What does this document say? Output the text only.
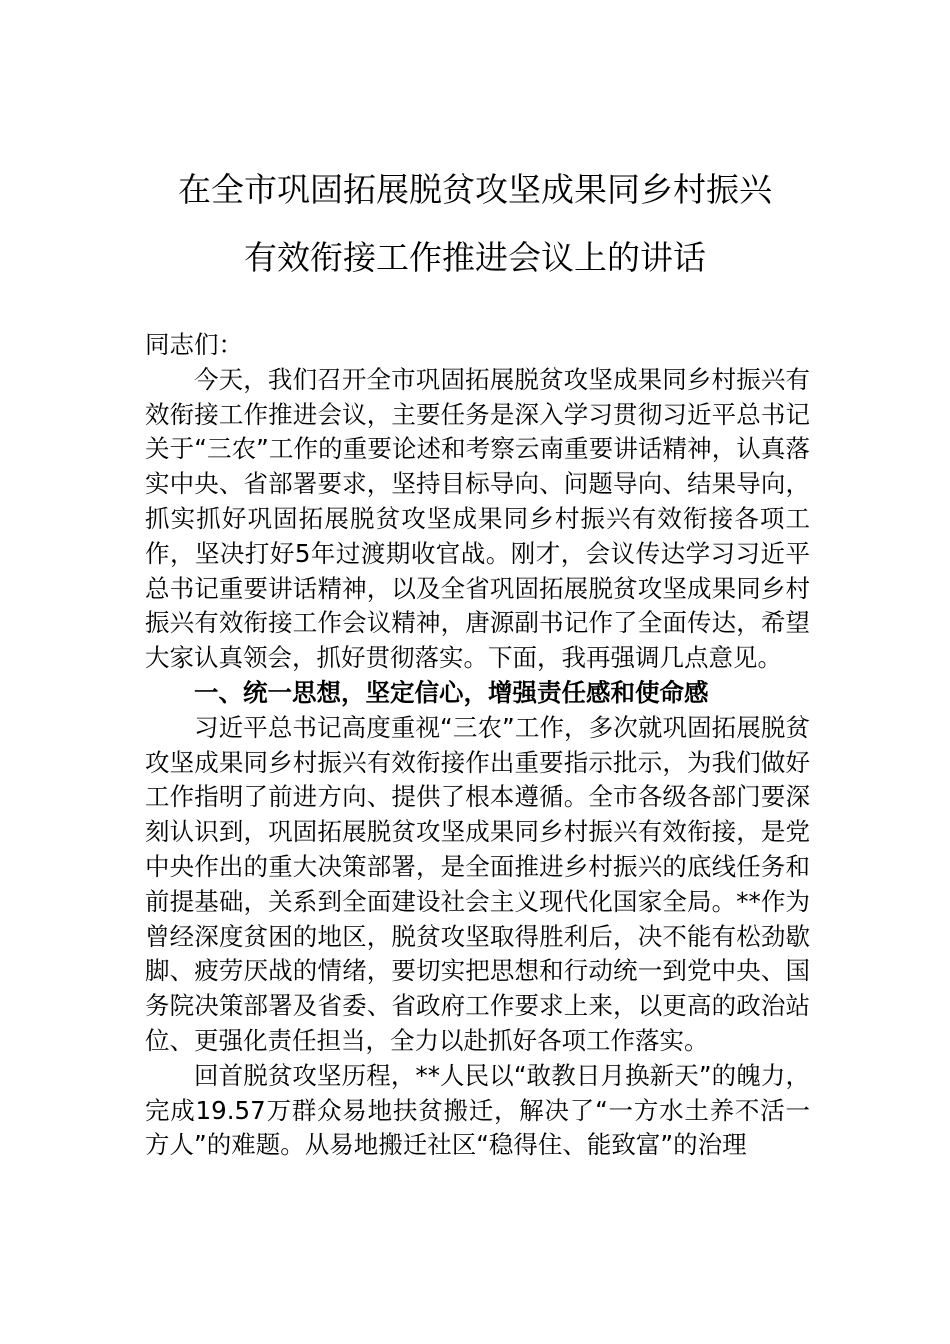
在全市巩固拓展脱贫攻坚成果同乡村振兴
有效衔接工作推进会议上的讲话

同志们：

今天，我们召开全市巩固拓展脱贫攻坚成果同乡村振兴有效衔接工作推进会议，主要任务是深入学习贯彻习近平总书记关于“三农”工作的重要论述和考察云南重要讲话精神，认真落实中央、省部署要求，坚持目标导向、问题导向、结果导向，抓实抓好巩固拓展脱贫攻坚成果同乡村振兴有效衔接各项工作，坚决打好5年过渡期收官战。刚才，会议传达学习习近平总书记重要讲话精神，以及全省巩固拓展脱贫攻坚成果同乡村振兴有效衔接工作会议精神，唐源副书记作了全面传达，希望大家认真领会，抓好贯彻落实。下面，我再强调几点意见。

一、统一思想，坚定信心，增强责任感和使命感

习近平总书记高度重视“三农”工作，多次就巩固拓展脱贫攻坚成果同乡村振兴有效衔接作出重要指示批示，为我们做好工作指明了前进方向、提供了根本遵循。全市各级各部门要深刻认识到，巩固拓展脱贫攻坚成果同乡村振兴有效衔接，是党中央作出的重大决策部署，是全面推进乡村振兴的底线任务和前提基础，关系到全面建设社会主义现代化国家全局。**作为曾经深度贫困的地区，脱贫攻坚取得胜利后，决不能有松劲歇脚、疲劳厌战的情绪，要切实把思想和行动统一到党中央、国务院决策部署及省委、省政府工作要求上来，以更高的政治站位、更强化责任担当，全力以赴抓好各项工作落实。

回首脱贫攻坚历程，**人民以“敢教日月换新天”的魄力，完成19.57万群众易地扶贫搬迁，解决了“一方水土养不活一方人”的难题。从易地搬迁社区“稳得住、能致富”的治理
